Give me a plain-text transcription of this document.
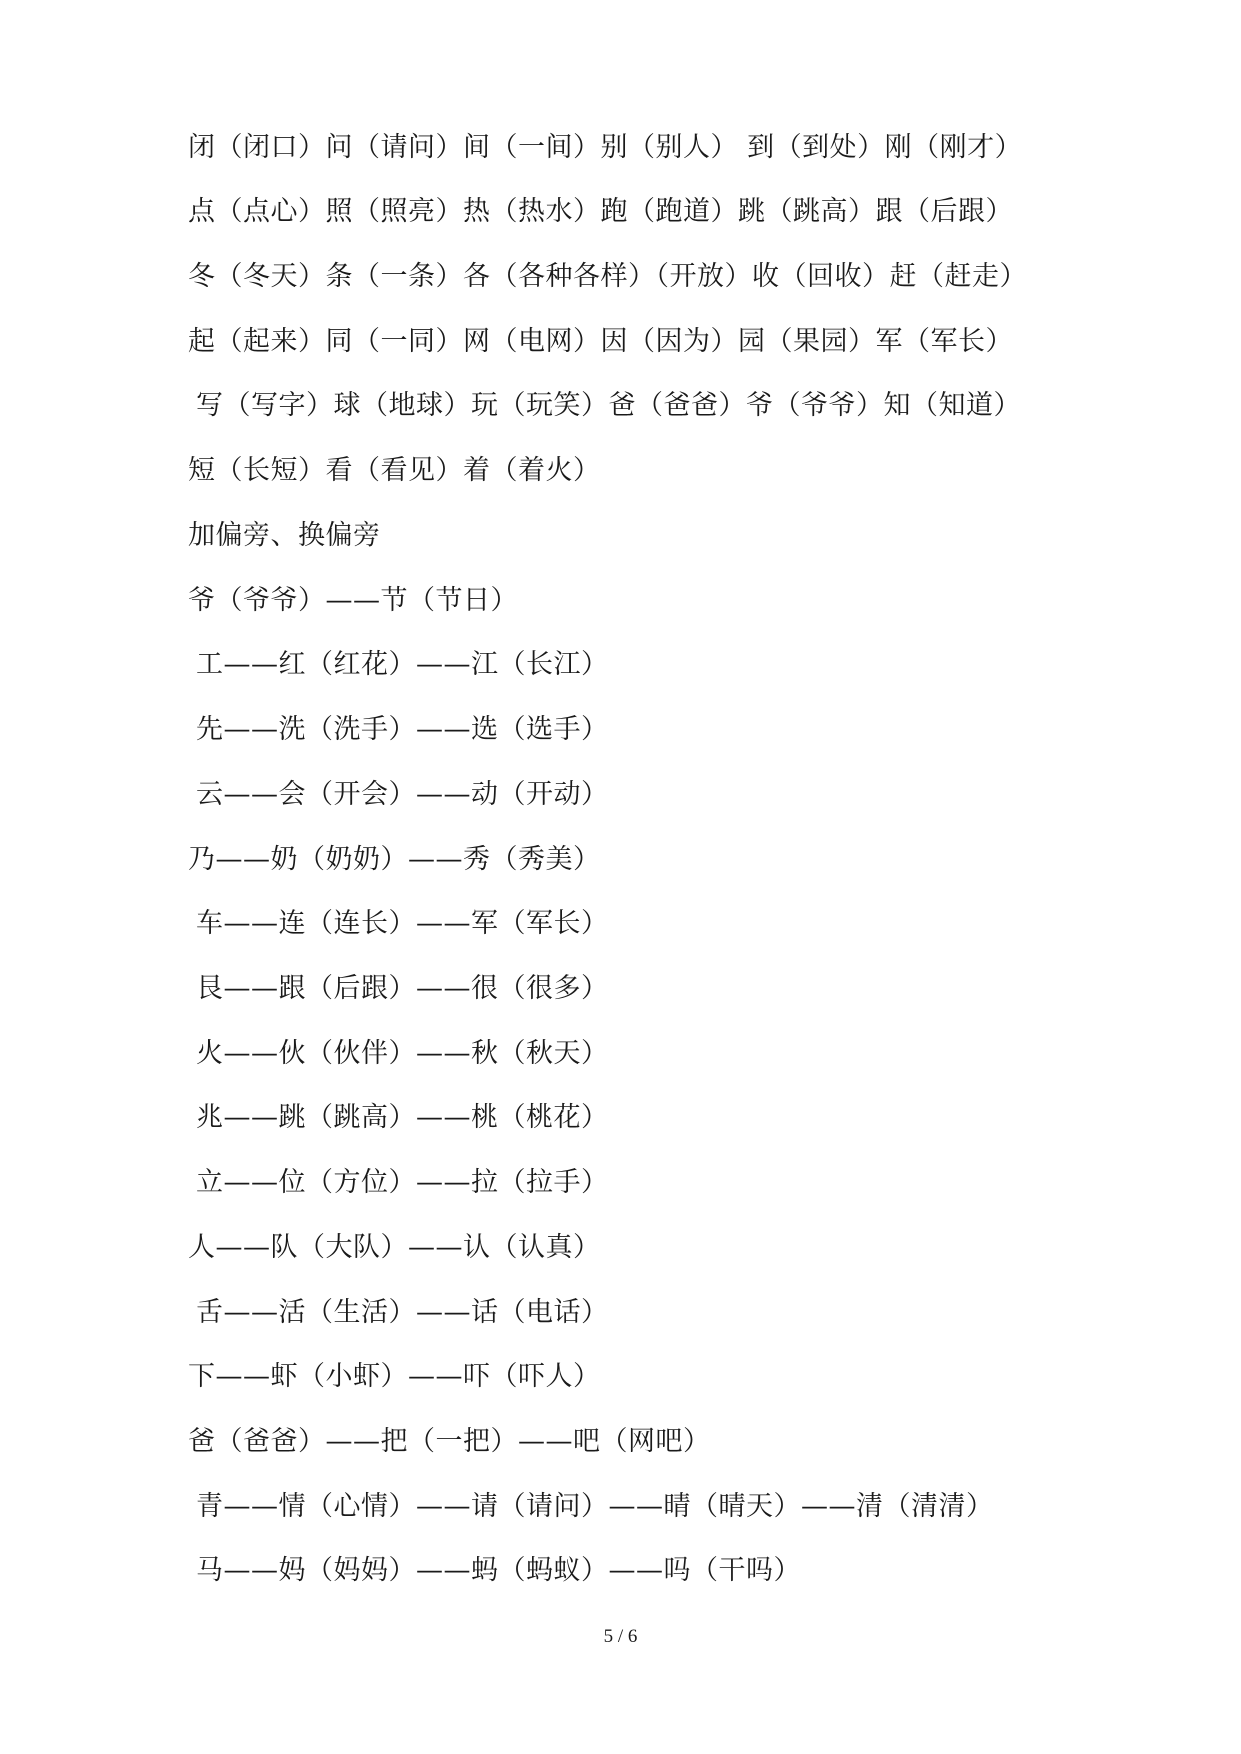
闭（闭口）问（请问）间（一间）别（别人） 到（到处）刚（刚才）
点（点心）照（照亮）热（热水）跑（跑道）跳（跳高）跟（后跟）
冬（冬天）条（一条）各（各种各样）（开放）收（回收）赶（赶走）
起（起来）同（一同）网（电网）因（因为）园（果园）军（军长）
写（写字）球（地球）玩（玩笑）爸（爸爸）爷（爷爷）知（知道）
短（长短）看（看见）着（着火）
加偏旁、换偏旁
爷（爷爷）——节（节日）
工——红（红花）——江（长江）
先——洗（洗手）——选（选手）
云——会（开会）——动（开动）
乃——奶（奶奶）——秀（秀美）
车——连（连长）——军（军长）
艮——跟（后跟）——很（很多）
火——伙（伙伴）——秋（秋天）
兆——跳（跳高）——桃（桃花）
立——位（方位）——拉（拉手）
人——队（大队）——认（认真）
舌——活（生活）——话（电话）
下——虾（小虾）——吓（吓人）
爸（爸爸）——把（一把）——吧（网吧）
青——情（心情）——请（请问）——晴（晴天）——清（清清）
马——妈（妈妈）——蚂（蚂蚁）——吗（干吗）
5 / 6
